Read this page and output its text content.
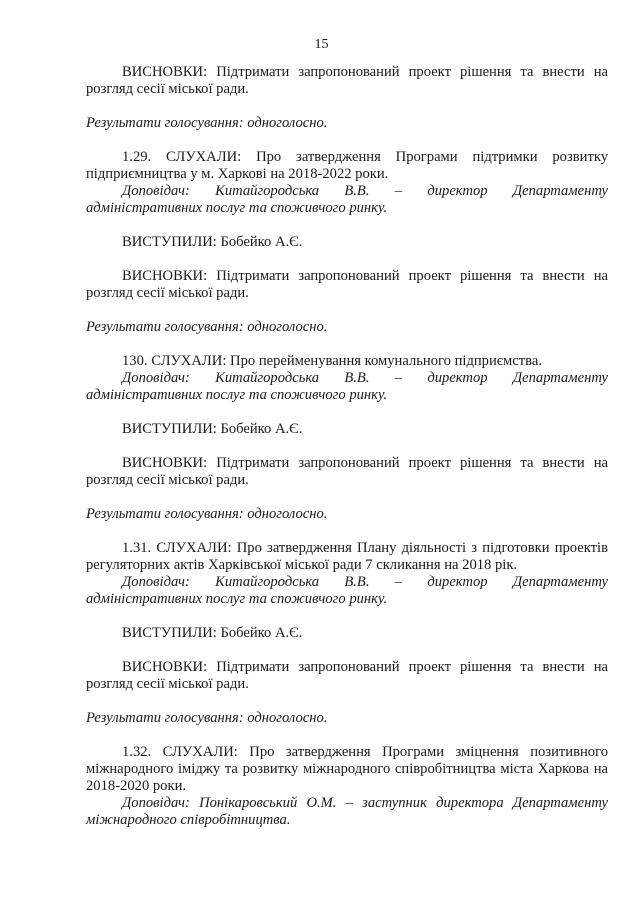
15

ВИСНОВКИ: Підтримати запропонований проект рішення та внести на розгляд сесії міської ради.

Результати голосування: одноголосно.

1.29. СЛУХАЛИ: Про затвердження Програми підтримки розвитку підприємництва у м. Харкові на 2018-2022 роки.

Доповідач: Китайгородська В.В. – директор Департаменту адміністративних послуг та споживчого ринку.

ВИСТУПИЛИ: Бобейко А.Є.

ВИСНОВКИ: Підтримати запропонований проект рішення та внести на розгляд сесії міської ради.

Результати голосування: одноголосно.

130. СЛУХАЛИ: Про перейменування комунального підприємства.

Доповідач: Китайгородська В.В. – директор Департаменту адміністративних послуг та споживчого ринку.

ВИСТУПИЛИ: Бобейко А.Є.

ВИСНОВКИ: Підтримати запропонований проект рішення та внести на розгляд сесії міської ради.

Результати голосування: одноголосно.

1.31. СЛУХАЛИ: Про затвердження Плану діяльності з підготовки проектів регуляторних актів Харківської міської ради 7 скликання на 2018 рік.

Доповідач: Китайгородська В.В. – директор Департаменту адміністративних послуг та споживчого ринку.

ВИСТУПИЛИ: Бобейко А.Є.

ВИСНОВКИ: Підтримати запропонований проект рішення та внести на розгляд сесії міської ради.

Результати голосування: одноголосно.

1.32. СЛУХАЛИ: Про затвердження Програми зміцнення позитивного міжнародного іміджу та розвитку міжнародного співробітництва міста Харкова на 2018-2020 роки.

Доповідач: Понікаровський О.М. – заступник директора Департаменту міжнародного співробітництва.
